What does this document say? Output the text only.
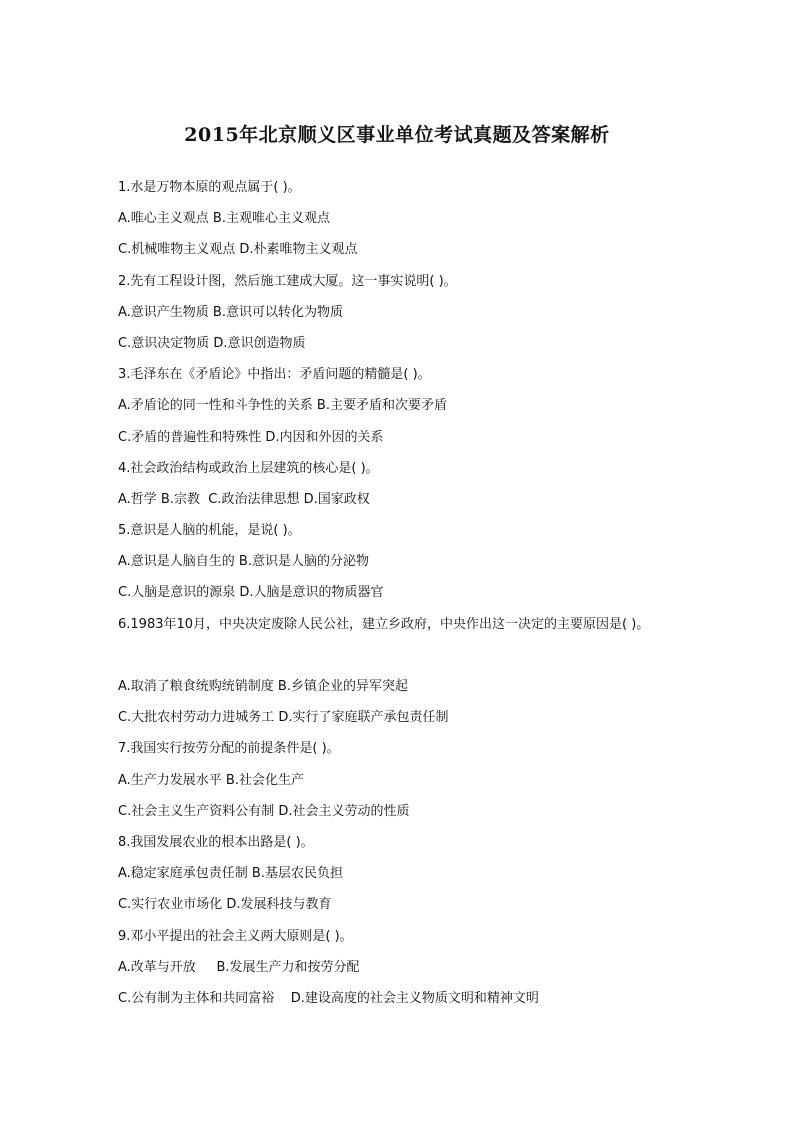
2015年北京顺义区事业单位考试真题及答案解析
1.水是万物本原的观点属于( )。
A.唯心主义观点 B.主观唯心主义观点
C.机械唯物主义观点 D.朴素唯物主义观点
2.先有工程设计图，然后施工建成大厦。这一事实说明( )。
A.意识产生物质 B.意识可以转化为物质
C.意识决定物质 D.意识创造物质
3.毛泽东在《矛盾论》中指出：矛盾问题的精髓是( )。
A.矛盾论的同一性和斗争性的关系 B.主要矛盾和次要矛盾
C.矛盾的普遍性和特殊性 D.内因和外因的关系
4.社会政治结构或政治上层建筑的核心是( )。
A.哲学 B.宗教  C.政治法律思想 D.国家政权
5.意识是人脑的机能，是说( )。
A.意识是人脑自生的 B.意识是人脑的分泌物
C.人脑是意识的源泉 D.人脑是意识的物质器官
6.1983年10月，中央决定废除人民公社，建立乡政府，中央作出这一决定的主要原因是( )。
A.取消了粮食统购统销制度 B.乡镇企业的异军突起
C.大批农村劳动力进城务工 D.实行了家庭联产承包责任制
7.我国实行按劳分配的前提条件是( )。
A.生产力发展水平 B.社会化生产
C.社会主义生产资料公有制 D.社会主义劳动的性质
8.我国发展农业的根本出路是( )。
A.稳定家庭承包责任制 B.基层农民负担
C.实行农业市场化 D.发展科技与教育
9.邓小平提出的社会主义两大原则是( )。
A.改革与开放     B.发展生产力和按劳分配
C.公有制为主体和共同富裕    D.建设高度的社会主义物质文明和精神文明
